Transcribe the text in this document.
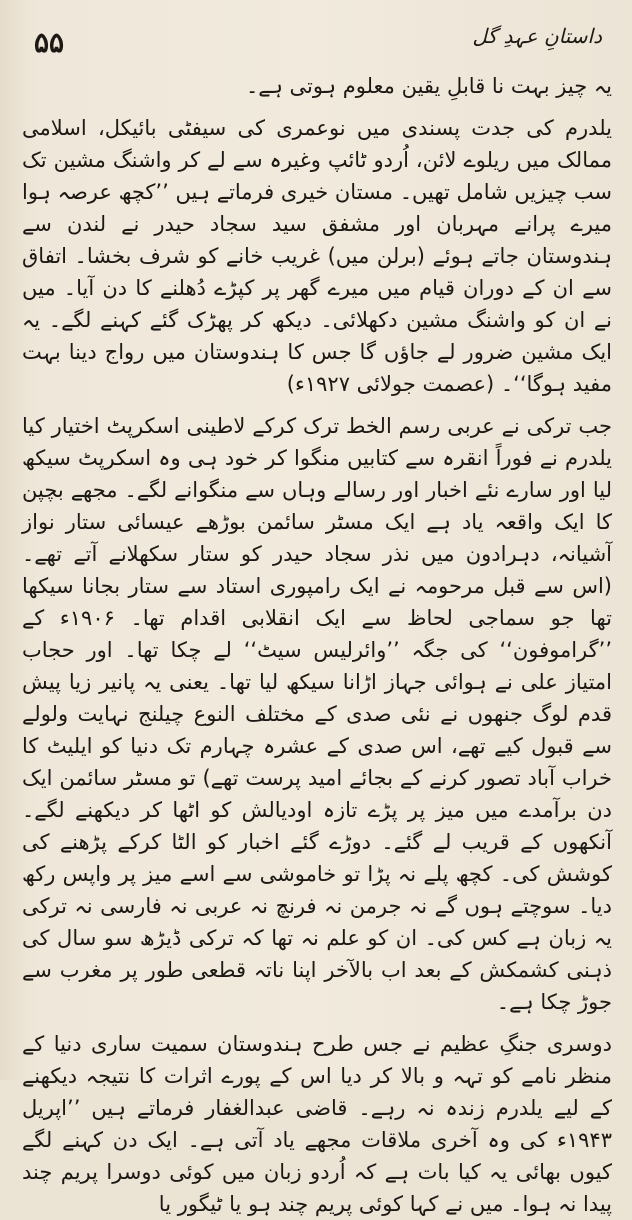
۵۵	داستانِ عہدِ گل

یہ چیز بہت نا قابلِ یقین معلوم ہوتی ہے۔

یلدرم کی جدت پسندی میں نوعمری کی سیفٹی بائیکل، اسلامی ممالک میں ریلوے لائن، اُردو ٹائپ وغیرہ سے لے کر واشنگ مشین تک سب چیزیں شامل تھیں۔ مستان خیری فرماتے ہیں ’’کچھ عرصہ ہوا میرے پرانے مہربان اور مشفق سید سجاد حیدر نے لندن سے ہندوستان جاتے ہوئے (برلن میں) غریب خانے کو شرف بخشا۔ اتفاق سے ان کے دوران قیام میں میرے گھر پر کپڑے دُھلنے کا دن آیا۔ میں نے ان کو واشنگ مشین دکھلائی۔ دیکھ کر پھڑک گئے کہنے لگے۔ یہ ایک مشین ضرور لے جاؤں گا جس کا ہندوستان میں رواج دینا بہت مفید ہوگا‘‘۔ (عصمت جولائی ۱۹۲۷ء)

جب ترکی نے عربی رسم الخط ترک کرکے لاطینی اسکرپٹ اختیار کیا یلدرم نے فوراً انقرہ سے کتابیں منگوا کر خود ہی وہ اسکرپٹ سیکھ لیا اور سارے نئے اخبار اور رسالے وہاں سے منگوانے لگے۔ مجھے بچپن کا ایک واقعہ یاد ہے ایک مسٹر سائمن بوڑھے عیسائی ستار نواز آشیانہ، دہرادون میں نذر سجاد حیدر کو ستار سکھلانے آتے تھے۔ (اس سے قبل مرحومہ نے ایک رامپوری استاد سے ستار بجانا سیکھا تھا جو سماجی لحاظ سے ایک انقلابی اقدام تھا۔ ۱۹۰۶ء کے ’’گراموفون‘‘ کی جگہ ’’وائرلیس سیٹ‘‘ لے چکا تھا۔ اور حجاب امتیاز علی نے ہوائی جہاز اڑانا سیکھ لیا تھا۔ یعنی یہ پانیر زیا پیش قدم لوگ جنھوں نے نئی صدی کے مختلف النوع چیلنج نہایت ولولے سے قبول کیے تھے، اس صدی کے عشرہ چہارم تک دنیا کو ایلیٹ کا خراب آباد تصور کرنے کے بجائے امید پرست تھے) تو مسٹر سائمن ایک دن برآمدے میں میز پر پڑے تازہ اودیالش کو اٹھا کر دیکھنے لگے۔ آنکھوں کے قریب لے گئے۔ دوڑے گئے اخبار کو الٹا کرکے پڑھنے کی کوشش کی۔ کچھ پلے نہ پڑا تو خاموشی سے اسے میز پر واپس رکھ دیا۔ سوچتے ہوں گے نہ جرمن نہ فرنچ نہ عربی نہ فارسی نہ ترکی یہ زبان ہے کس کی۔ ان کو علم نہ تھا کہ ترکی ڈیڑھ سو سال کی ذہنی کشمکش کے بعد اب بالآخر اپنا ناتہ قطعی طور پر مغرب سے جوڑ چکا ہے۔

دوسری جنگِ عظیم نے جس طرح ہندوستان سمیت ساری دنیا کے منظر نامے کو تہہ و بالا کر دیا اس کے پورے اثرات کا نتیجہ دیکھنے کے لیے یلدرم زندہ نہ رہے۔ قاضی عبدالغفار فرماتے ہیں ’’اپریل ۱۹۴۳ء کی وہ آخری ملاقات مجھے یاد آتی ہے۔ ایک دن کہنے لگے کیوں بھائی یہ کیا بات ہے کہ اُردو زبان میں کوئی دوسرا پریم چند پیدا نہ ہوا۔ میں نے کہا کوئی پریم چند ہو یا ٹیگور یا
